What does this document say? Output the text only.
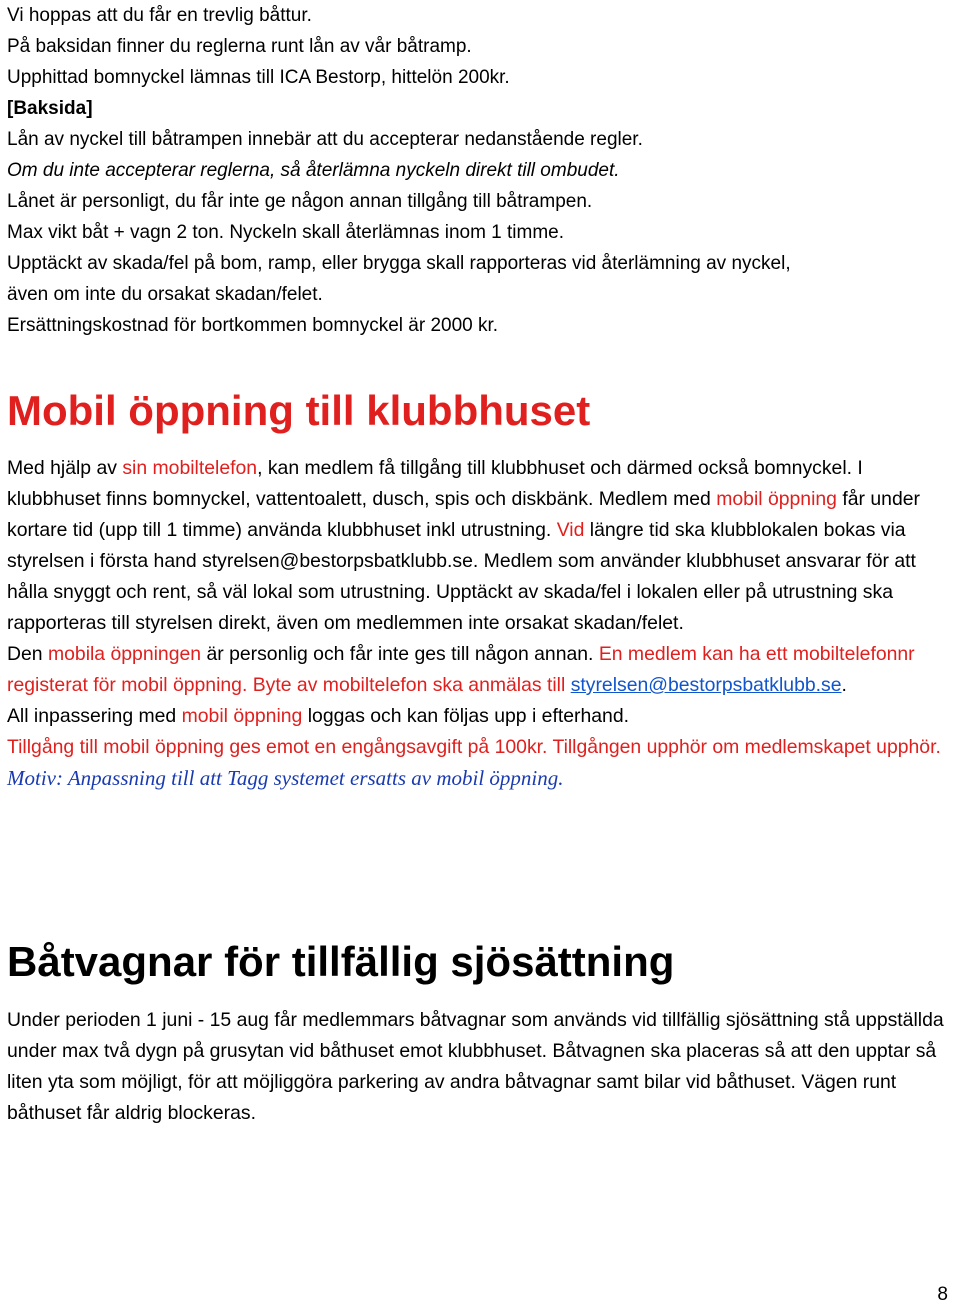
Vi hoppas att du får en trevlig båttur.
På baksidan finner du reglerna runt lån av vår båtramp.
Upphittad bomnyckel lämnas till ICA Bestorp, hittelön 200kr.
[Baksida]
Lån av nyckel till båtrampen innebär att du accepterar nedanstående regler.
Om du inte accepterar reglerna, så återlämna nyckeln direkt till ombudet.
Lånet är personligt, du får inte ge någon annan tillgång till båtrampen.
Max vikt båt + vagn 2 ton. Nyckeln skall återlämnas inom 1 timme.
Upptäckt av skada/fel på bom, ramp, eller brygga skall rapporteras vid återlämning av nyckel,
även om inte du orsakat skadan/felet.
Ersättningskostnad för bortkommen bomnyckel är 2000 kr.
Mobil öppning till klubbhuset
Med hjälp av sin mobiltelefon, kan medlem få tillgång till klubbhuset och därmed också bomnyckel. I klubbhuset finns bomnyckel, vattentoalett, dusch, spis och diskbänk. Medlem med mobil öppning får under kortare tid (upp till 1 timme) använda klubbhuset inkl utrustning. Vid längre tid ska klubblokalen bokas via styrelsen i första hand styrelsen@bestorpsbatklubb.se. Medlem som använder klubbhuset ansvarar för att hålla snyggt och rent, så väl lokal som utrustning. Upptäckt av skada/fel i lokalen eller på utrustning ska rapporteras till styrelsen direkt, även om medlemmen inte orsakat skadan/felet.
Den mobila öppningen är personlig och får inte ges till någon annan. En medlem kan ha ett mobiltelefonnr registerat för mobil öppning. Byte av mobiltelefon ska anmälas till styrelsen@bestorpsbatklubb.se.
All inpassering med mobil öppning loggas och kan följas upp i efterhand.
Tillgång till mobil öppning ges emot en engångsavgift på 100kr. Tillgången upphör om medlemskapet upphör.
Motiv: Anpassning till att Tagg systemet ersatts av mobil öppning.
Båtvagnar för tillfällig sjösättning
Under perioden 1 juni - 15 aug får medlemmars båtvagnar som används vid tillfällig sjösättning stå uppställda under max två dygn på grusytan vid båthuset emot klubbhuset. Båtvagnen ska placeras så att den upptar så liten yta som möjligt, för att möjliggöra parkering av andra båtvagnar samt bilar vid båthuset. Vägen runt båthuset får aldrig blockeras.
8
